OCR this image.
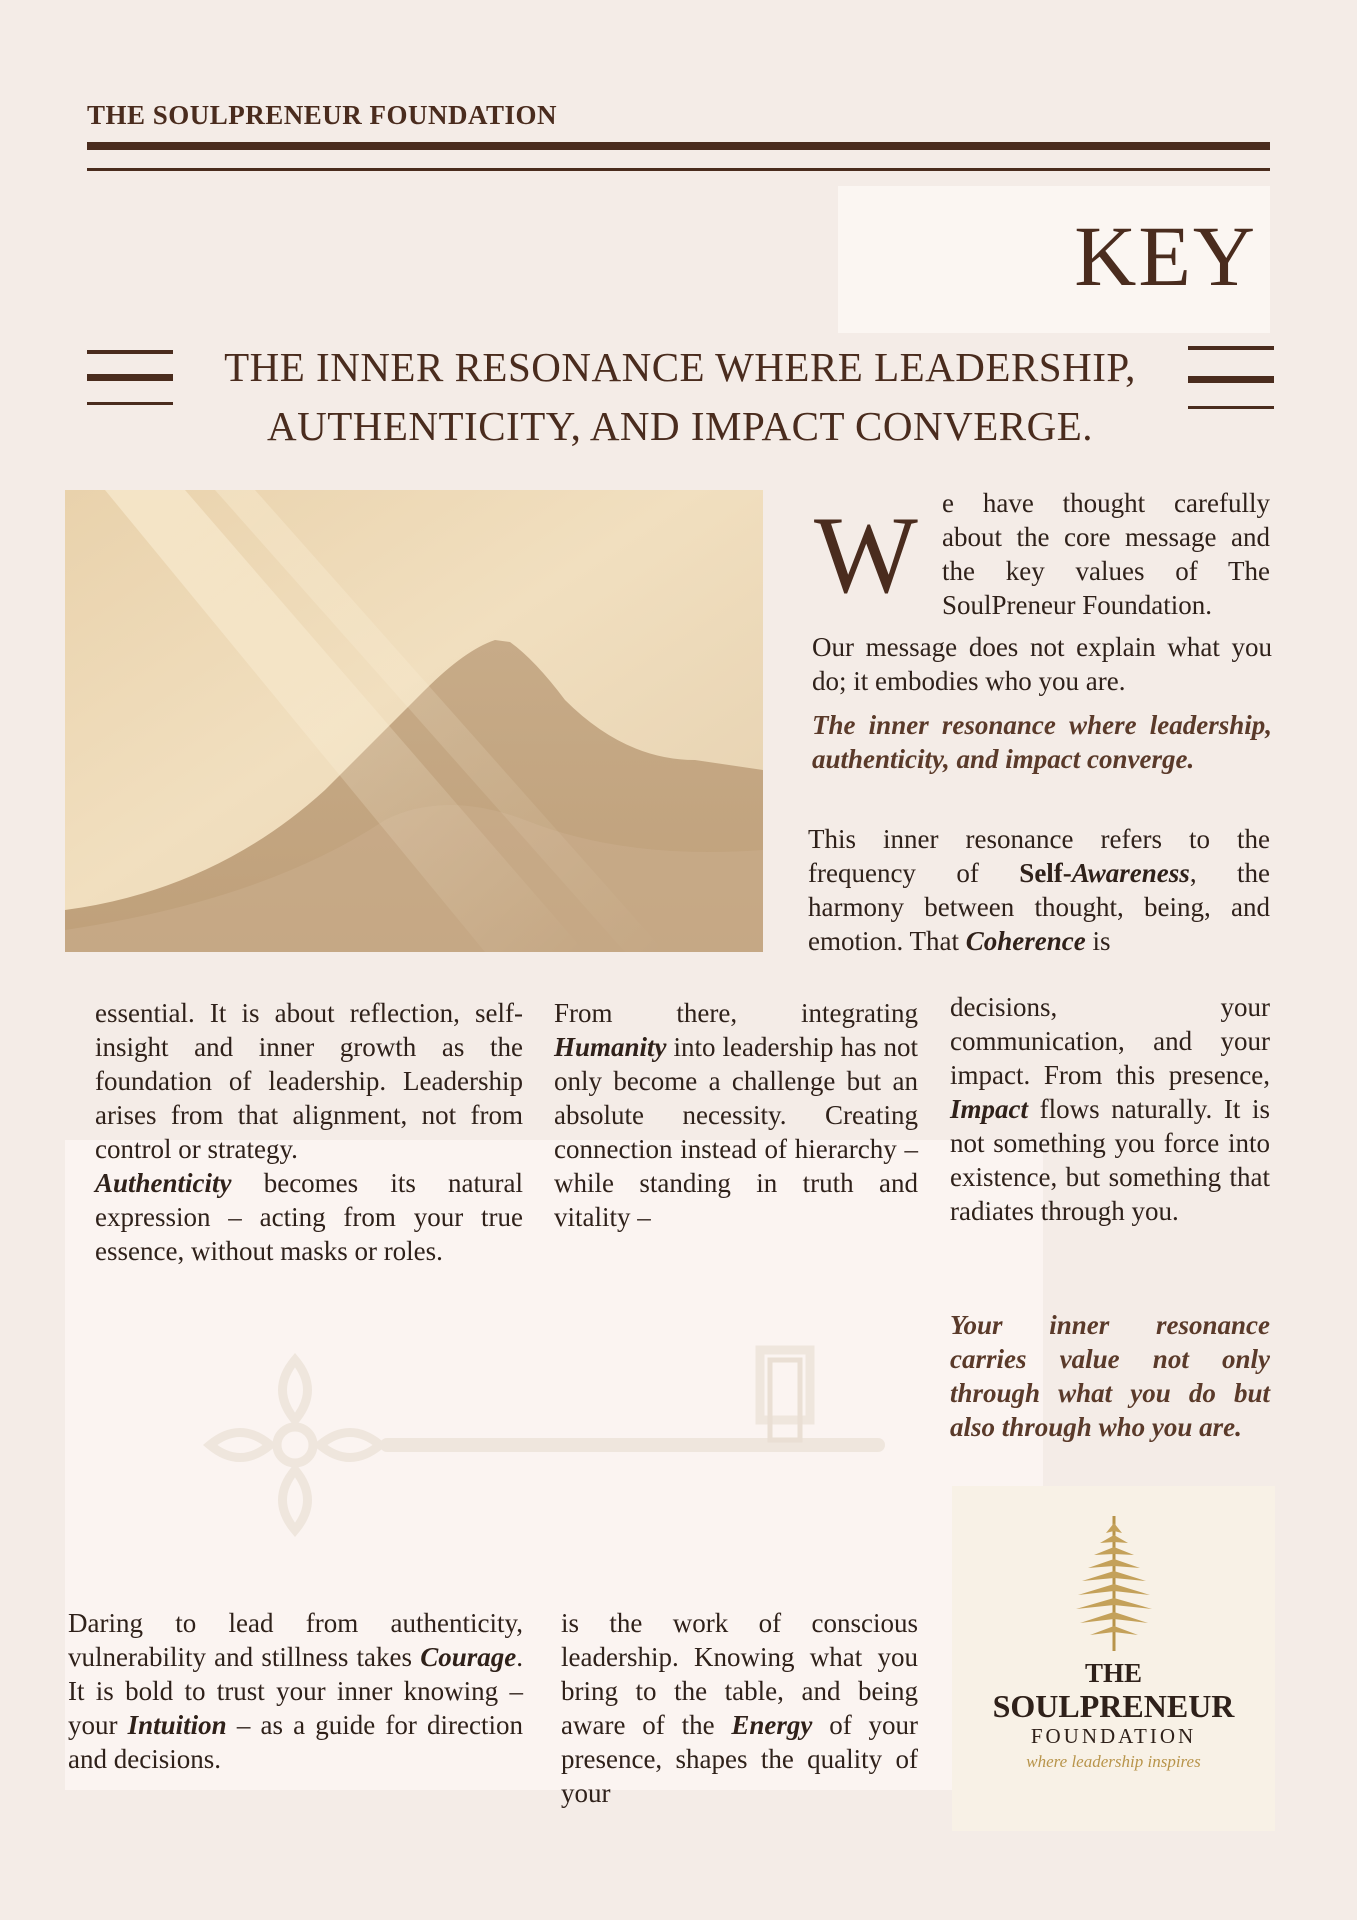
THE SOULPRENEUR FOUNDATION
KEY
THE INNER RESONANCE WHERE LEADERSHIP,
AUTHENTICITY, AND IMPACT CONVERGE.
W e have thought carefully about the core message and the key values of The SoulPreneur Foundation.
Our message does not explain what you do; it embodies who you are.
The inner resonance where leadership, authenticity, and impact converge.
This inner resonance refers to the frequency of Self-Awareness, the harmony between thought, being, and emotion. That Coherence is
essential. It is about reflection, self-insight and inner growth as the foundation of leadership. Leadership arises from that alignment, not from control or strategy.
Authenticity becomes its natural expression – acting from your true essence, without masks or roles.
From there, integrating Humanity into leadership has not only become a challenge but an absolute necessity. Creating connection instead of hierarchy – while standing in truth and vitality –
decisions, your communication, and your impact. From this presence, Impact flows naturally. It is not something you force into existence, but something that radiates through you.
Your inner resonance carries value not only through what you do but also through who you are.
Daring to lead from authenticity, vulnerability and stillness takes Courage. It is bold to trust your inner knowing – your Intuition – as a guide for direction and decisions.
is the work of conscious leadership. Knowing what you bring to the table, and being aware of the Energy of your presence, shapes the quality of your
THE
SOULPRENEUR
FOUNDATION
where leadership inspires
